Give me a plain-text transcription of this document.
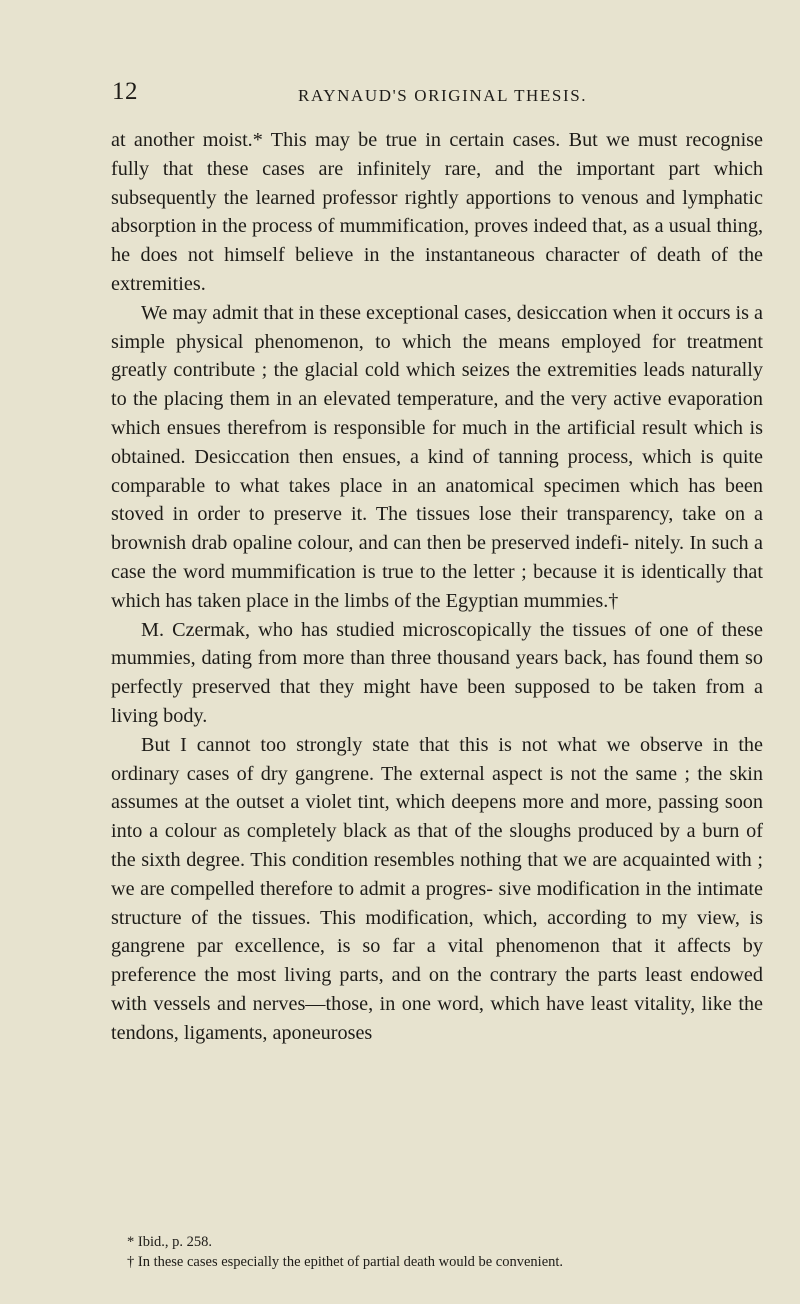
12	RAYNAUD'S ORIGINAL THESIS.

at another moist.* This may be true in certain cases. But we must recognise fully that these cases are infinitely rare, and the important part which subsequently the learned professor rightly apportions to venous and lymphatic absorption in the process of mummification, proves indeed that, as a usual thing, he does not himself believe in the instantaneous character of death of the extremities.

We may admit that in these exceptional cases, desiccation when it occurs is a simple physical phenomenon, to which the means employed for treatment greatly contribute ; the glacial cold which seizes the extremities leads naturally to the placing them in an elevated temperature, and the very active evaporation which ensues therefrom is responsible for much in the artificial result which is obtained. Desiccation then ensues, a kind of tanning process, which is quite comparable to what takes place in an anatomical specimen which has been stoved in order to preserve it. The tissues lose their transparency, take on a brownish drab opaline colour, and can then be preserved indefi- nitely. In such a case the word mummification is true to the letter ; because it is identically that which has taken place in the limbs of the Egyptian mummies.†

M. Czermak, who has studied microscopically the tissues of one of these mummies, dating from more than three thousand years back, has found them so perfectly preserved that they might have been supposed to be taken from a living body.

But I cannot too strongly state that this is not what we observe in the ordinary cases of dry gangrene. The external aspect is not the same ; the skin assumes at the outset a violet tint, which deepens more and more, passing soon into a colour as completely black as that of the sloughs produced by a burn of the sixth degree. This condition resembles nothing that we are acquainted with ; we are compelled therefore to admit a progres- sive modification in the intimate structure of the tissues. This modification, which, according to my view, is gangrene par excellence, is so far a vital phenomenon that it affects by preference the most living parts, and on the contrary the parts least endowed with vessels and nerves—those, in one word, which have least vitality, like the tendons, ligaments, aponeuroses

* Ibid., p. 258.
† In these cases especially the epithet of partial death would be convenient.
